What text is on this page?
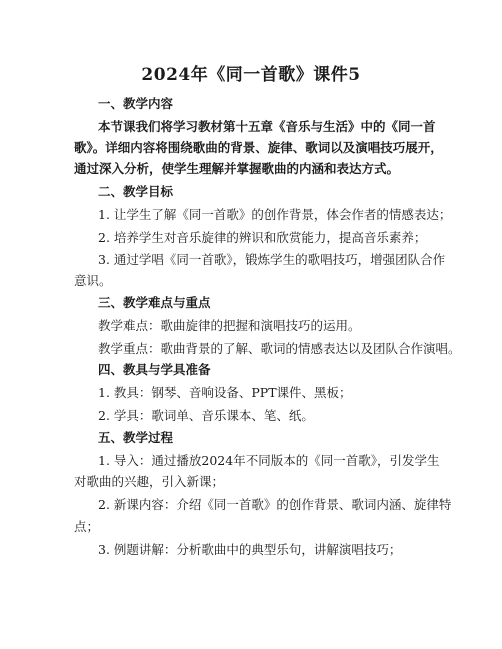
2024年《同一首歌》课件5
一、教学内容
本节课我们将学习教材第十五章《音乐与生活》中的《同一首
歌》。详细内容将围绕歌曲的背景、旋律、歌词以及演唱技巧展开，
通过深入分析，使学生理解并掌握歌曲的内涵和表达方式。
二、教学目标
1. 让学生了解《同一首歌》的创作背景，体会作者的情感表达；
2. 培养学生对音乐旋律的辨识和欣赏能力，提高音乐素养；
3. 通过学唱《同一首歌》，锻炼学生的歌唱技巧，增强团队合作
意识。
三、教学难点与重点
教学难点：歌曲旋律的把握和演唱技巧的运用。
教学重点：歌曲背景的了解、歌词的情感表达以及团队合作演唱。
四、教具与学具准备
1. 教具：钢琴、音响设备、PPT课件、黑板；
2. 学具：歌词单、音乐课本、笔、纸。
五、教学过程
1. 导入：通过播放2024年不同版本的《同一首歌》，引发学生
对歌曲的兴趣，引入新课；
2. 新课内容：介绍《同一首歌》的创作背景、歌词内涵、旋律特
点；
3. 例题讲解：分析歌曲中的典型乐句，讲解演唱技巧；
